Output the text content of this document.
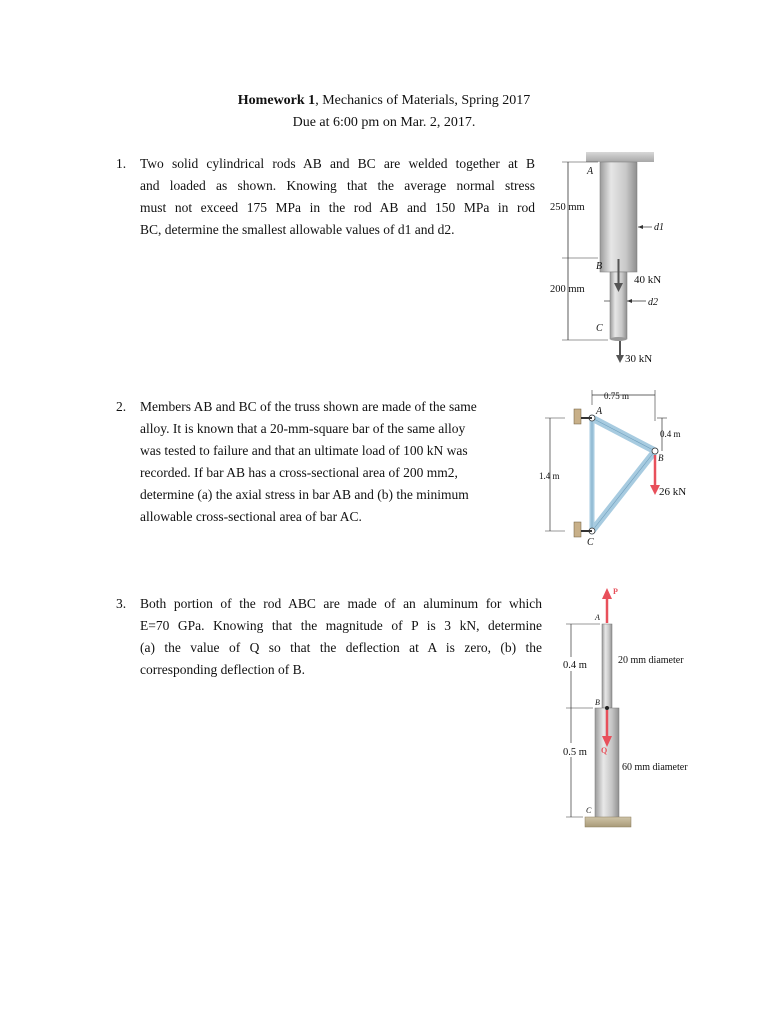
Homework 1, Mechanics of Materials, Spring 2017
Due at 6:00 pm on Mar. 2, 2017.
1. Two solid cylindrical rods AB and BC are welded together at B

and loaded as shown. Knowing that the average normal stress

must not exceed 175 MPa in the rod AB and 150 MPa in rod

BC, determine the smallest allowable values of d1 and d2.

2. Members AB and BC of the truss shown are made of the same

alloy. It is known that a 20-mm-square bar of the same alloy

was tested to failure and that an ultimate load of 100 kN was

recorded. If bar AB has a cross-sectional area of 200 mm2,

determine (a) the axial stress in bar AB and (b) the minimum

allowable cross-sectional area of bar AC.

3. Both portion of the rod ABC are made of an aluminum for which

E=70 GPa. Knowing that the magnitude of P is 3 kN, determine

(a) the value of Q so that the deflection at A is zero, (b) the

corresponding deflection of B.

250 mm
200 mm
A
B
C
d1
d2
40 kN
30 kN
0.75 m
0.4 m
1.4 m
A
B
C
26 kN
P
Q
A
B
C
0.4 m
0.5 m
20 mm diameter
60 mm diameter
